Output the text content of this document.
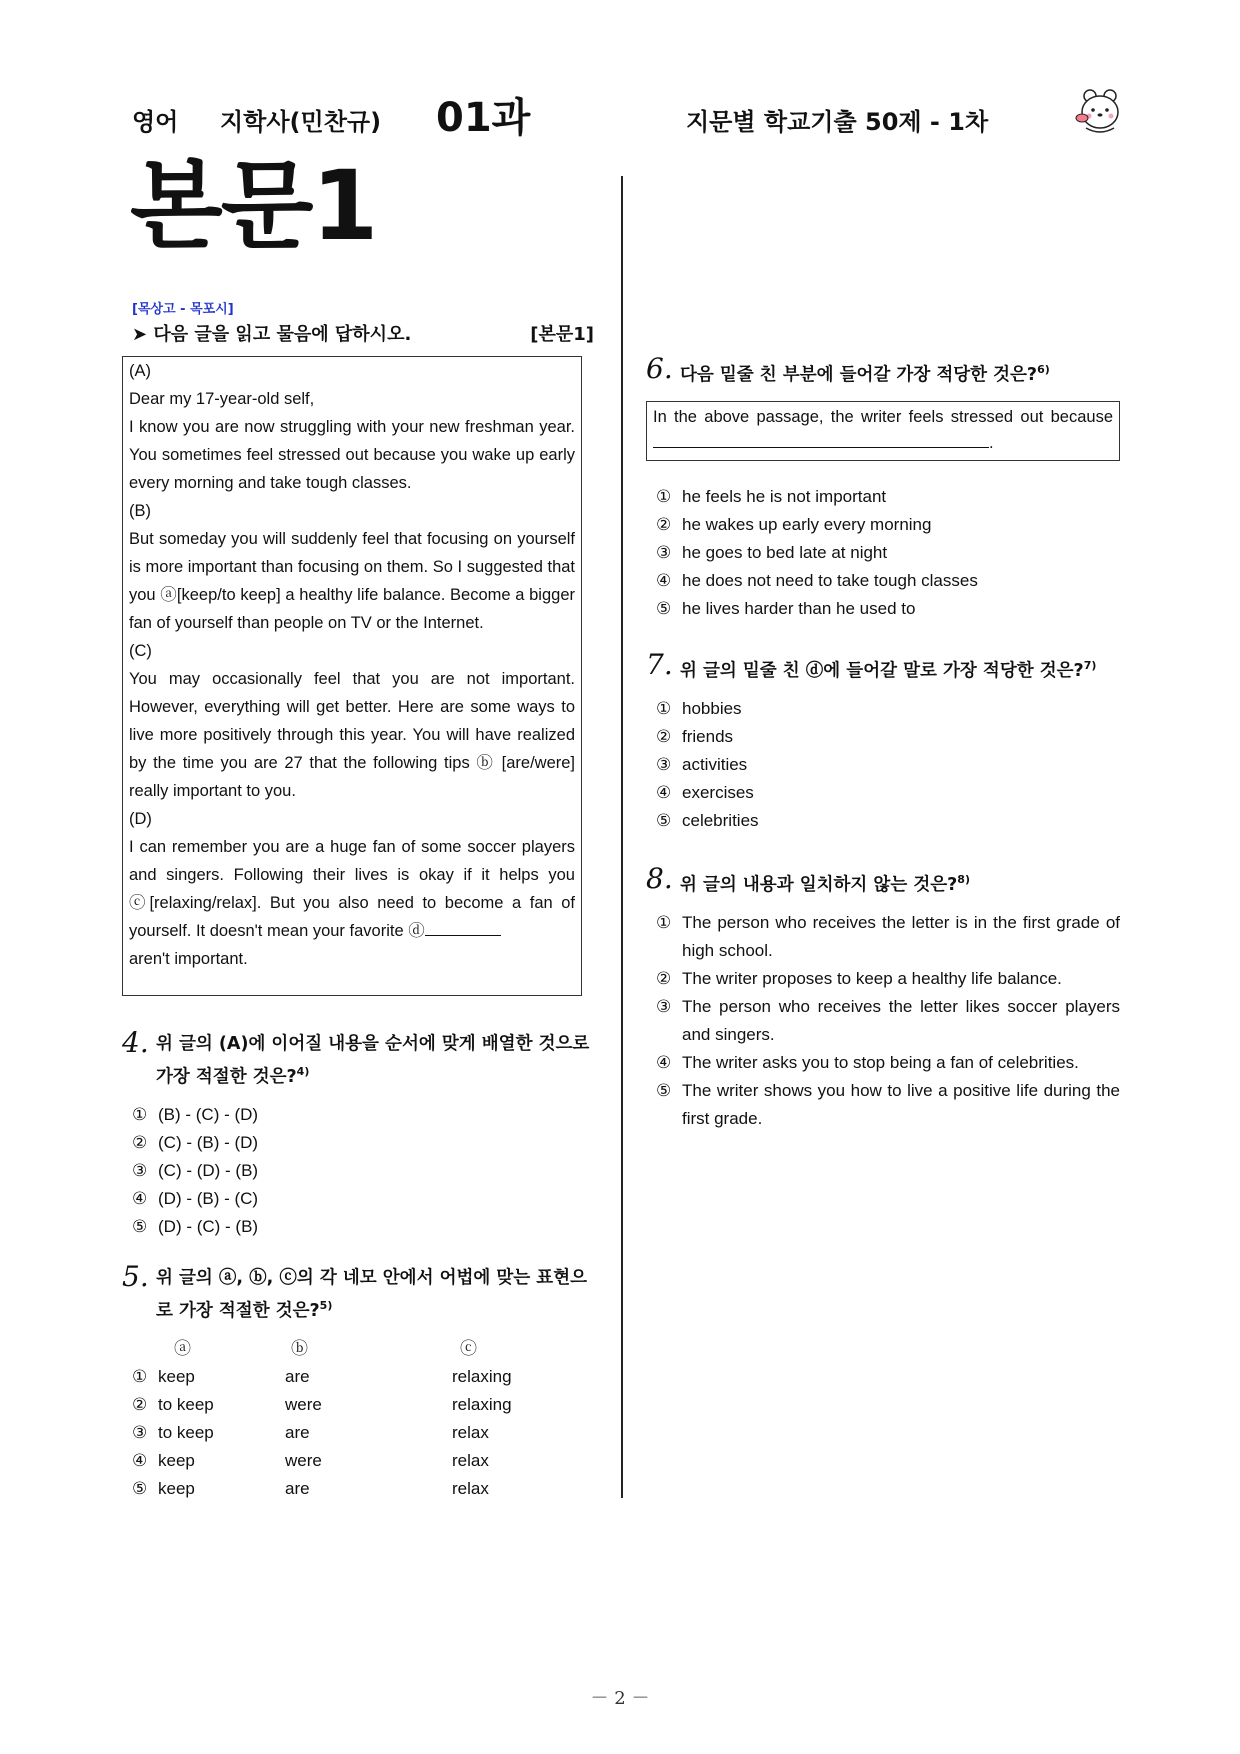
영어 지학사(민찬규) 01과	지문별 학교기출 50제 - 1차
본문1
[목상고 - 목포시]
➤ 다음 글을 읽고 물음에 답하시오.	[본문1]

(A)

Dear my 17-year-old self,

I know you are now struggling with your new freshman year. You sometimes feel stressed out because you wake up early every morning and take tough classes.

(B)

But someday you will suddenly feel that focusing on yourself is more important than focusing on them. So I suggested that you ⓐ[keep/to keep] a healthy life balance. Become a bigger fan of yourself than people on TV or the Internet.

(C)

You may occasionally feel that you are not important. However, everything will get better. Here are some ways to live more positively through this year. You will have realized by the time you are 27 that the following tips ⓑ [are/were] really important to you.

(D)

I can remember you are a huge fan of some soccer players and singers. Following their lives is okay if it helps you ⓒ[relaxing/relax]. But you also need to become a fan of yourself. It doesn't mean your favorite ⓓ

aren't important.

4. 위 글의 (A)에 이어질 내용을 순서에 맞게 배열한 것으로 가장 적절한 것은?$^{4)}$
① (B) - (C) - (D)
② (C) - (B) - (D)
③ (C) - (D) - (B)
④ (D) - (B) - (C)
⑤ (D) - (C) - (B)
5. 위 글의 ⓐ, ⓑ, ⓒ의 각 네모 안에서 어법에 맞는 표현으로 가장 적절한 것은?$^{5)}$
ⓐ	ⓑ	ⓒ
① keep	are	relaxing
② to keep	were	relaxing
③ to keep	are	relax
④ keep	were	relax
⑤ keep	are	relax
6. 다음 밑줄 친 부분에 들어갈 가장 적당한 것은?$^{6)}$
In the above passage, the writer feels stressed out because
.
① he feels he is not important
② he wakes up early every morning
③ he goes to bed late at night
④ he does not need to take tough classes
⑤ he lives harder than he used to
7. 위 글의 밑줄 친 ⓓ에 들어갈 말로 가장 적당한 것은?$^{7)}$
① hobbies
② friends
③ activities
④ exercises
⑤ celebrities
8. 위 글의 내용과 일치하지 않는 것은?$^{8)}$
① The person who receives the letter is in the first grade of high school.
② The writer proposes to keep a healthy life balance.
③ The person who receives the letter likes soccer players and singers.
④ The writer asks you to stop being a fan of celebrities.
⑤ The writer shows you how to live a positive life during the first grade.
－ 2 －
